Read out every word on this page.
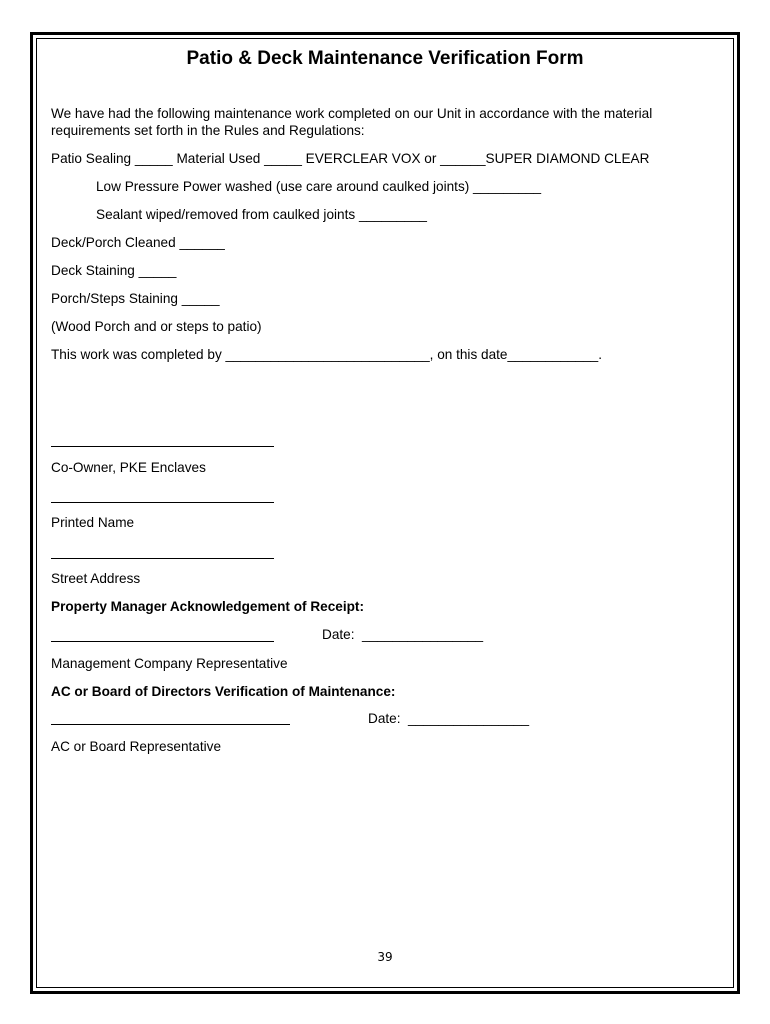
Patio & Deck Maintenance Verification Form

We have had the following maintenance work completed on our Unit in accordance with the material

requirements set forth in the Rules and Regulations:

Patio Sealing _____ Material Used _____ EVERCLEAR VOX or ______SUPER DIAMOND CLEAR

Low Pressure Power washed (use care around caulked joints) _________

Sealant wiped/removed from caulked joints _________

Deck/Porch Cleaned ______

Deck Staining _____

Porch/Steps Staining _____

(Wood Porch and or steps to patio)

This work was completed by ___________________________, on this date____________.

Co-Owner, PKE Enclaves

Printed Name

Street Address

Property Manager Acknowledgement of Receipt:

Date:  ________________

Management Company Representative

AC or Board of Directors Verification of Maintenance:

Date:  ________________

AC or Board Representative

39
